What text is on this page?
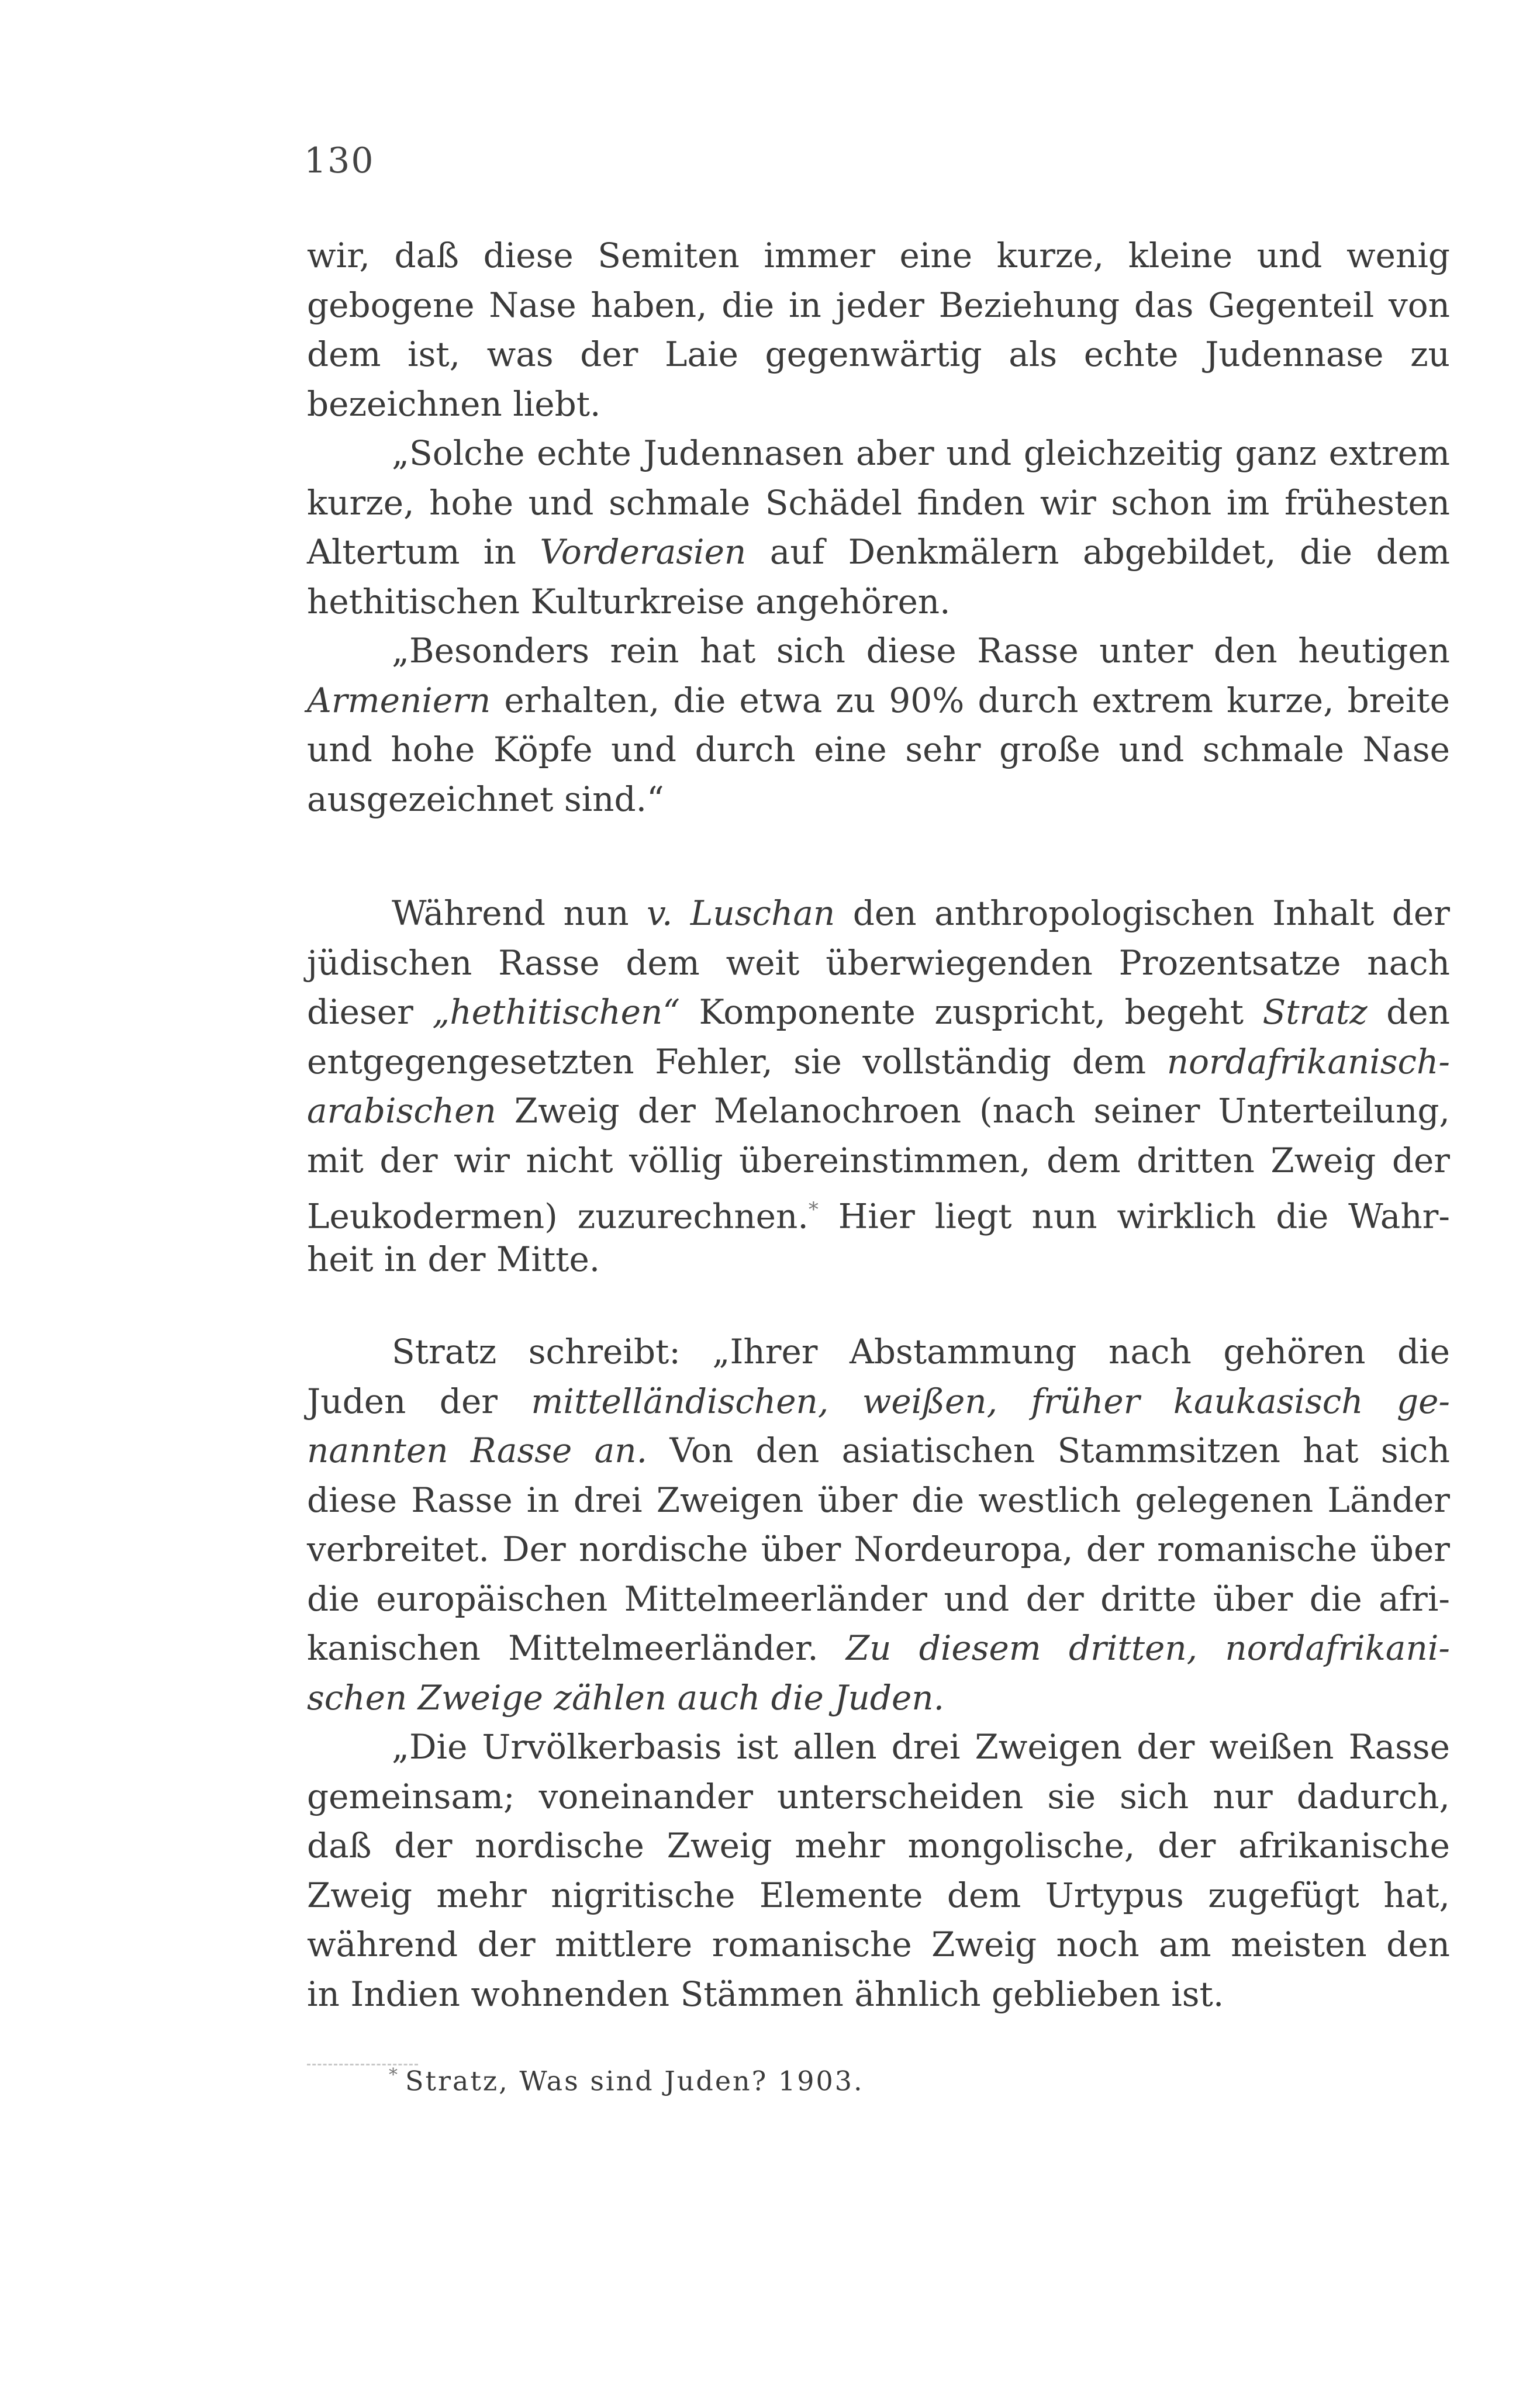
130
wir, daß diese Semiten immer eine kurze, kleine und wenig
gebogene Nase haben, die in jeder Beziehung das Gegenteil von
dem ist, was der Laie gegenwärtig als echte Judennase zu
bezeichnen liebt.
„Solche echte Judennasen aber und gleichzeitig ganz extrem
kurze, hohe und schmale Schädel finden wir schon im frühesten
Altertum in Vorderasien auf Denkmälern abgebildet, die dem
hethitischen Kulturkreise angehören.
„Besonders rein hat sich diese Rasse unter den heutigen
Armeniern erhalten, die etwa zu 90% durch extrem kurze, breite
und hohe Köpfe und durch eine sehr große und schmale Nase
ausgezeichnet sind.“
Während nun v. Luschan den anthropologischen Inhalt der
jüdischen Rasse dem weit überwiegenden Prozentsatze nach
dieser „hethitischen“ Komponente zuspricht, begeht Stratz den
entgegengesetzten Fehler, sie vollständig dem nordafrikanisch-
arabischen Zweig der Melanochroen (nach seiner Unterteilung,
mit der wir nicht völlig übereinstimmen, dem dritten Zweig der
Leukodermen) zuzurechnen.* Hier liegt nun wirklich die Wahr-
heit in der Mitte.
Stratz schreibt: „Ihrer Abstammung nach gehören die
Juden der mittelländischen, weißen, früher kaukasisch ge-
nannten Rasse an. Von den asiatischen Stammsitzen hat sich
diese Rasse in drei Zweigen über die westlich gelegenen Länder
verbreitet. Der nordische über Nordeuropa, der romanische über
die europäischen Mittelmeerländer und der dritte über die afri-
kanischen Mittelmeerländer. Zu diesem dritten, nordafrikani-
schen Zweige zählen auch die Juden.
„Die Urvölkerbasis ist allen drei Zweigen der weißen Rasse
gemeinsam; voneinander unterscheiden sie sich nur dadurch,
daß der nordische Zweig mehr mongolische, der afrikanische
Zweig mehr nigritische Elemente dem Urtypus zugefügt hat,
während der mittlere romanische Zweig noch am meisten den
in Indien wohnenden Stämmen ähnlich geblieben ist.
* Stratz, Was sind Juden? 1903.
